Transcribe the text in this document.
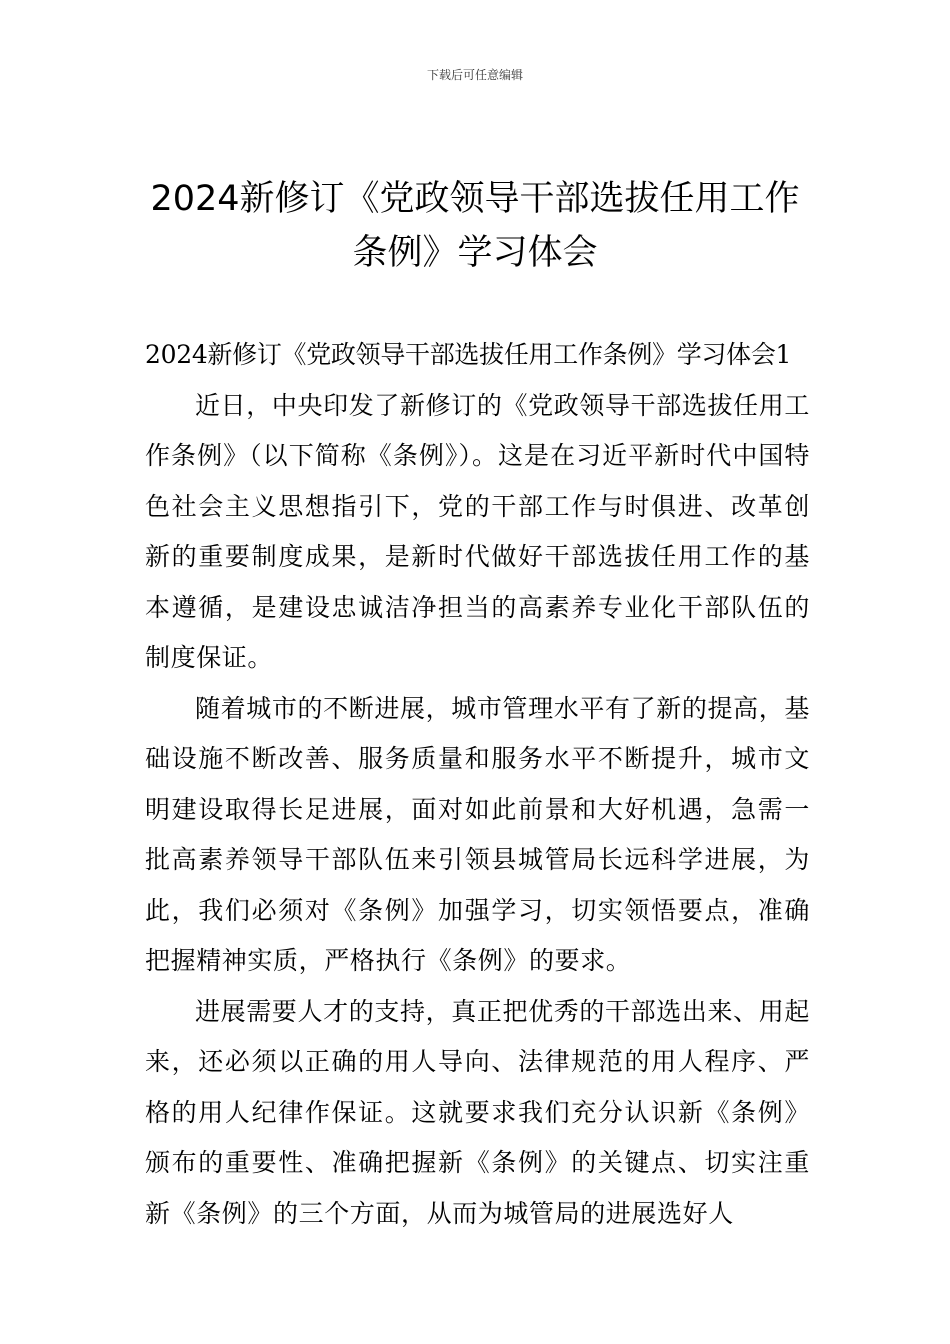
下载后可任意编辑
2024新修订《党政领导干部选拔任用工作
条例》学习体会

2024新修订《党政领导干部选拔任用工作条例》学习体会1

近日，中央印发了新修订的《党政领导干部选拔任用工作条例》（以下简称《条例》）。这是在习近平新时代中国特色社会主义思想指引下，党的干部工作与时俱进、改革创新的重要制度成果，是新时代做好干部选拔任用工作的基本遵循，是建设忠诚洁净担当的高素养专业化干部队伍的制度保证。

随着城市的不断进展，城市管理水平有了新的提高，基础设施不断改善、服务质量和服务水平不断提升，城市文明建设取得长足进展，面对如此前景和大好机遇，急需一批高素养领导干部队伍来引领县城管局长远科学进展，为此，我们必须对《条例》加强学习，切实领悟要点，准确把握精神实质，严格执行《条例》的要求。

进展需要人才的支持，真正把优秀的干部选出来、用起来，还必须以正确的用人导向、法律规范的用人程序、严格的用人纪律作保证。这就要求我们充分认识新《条例》颁布的重要性、准确把握新《条例》的关键点、切实注重新《条例》的三个方面，从而为城管局的进展选好人
